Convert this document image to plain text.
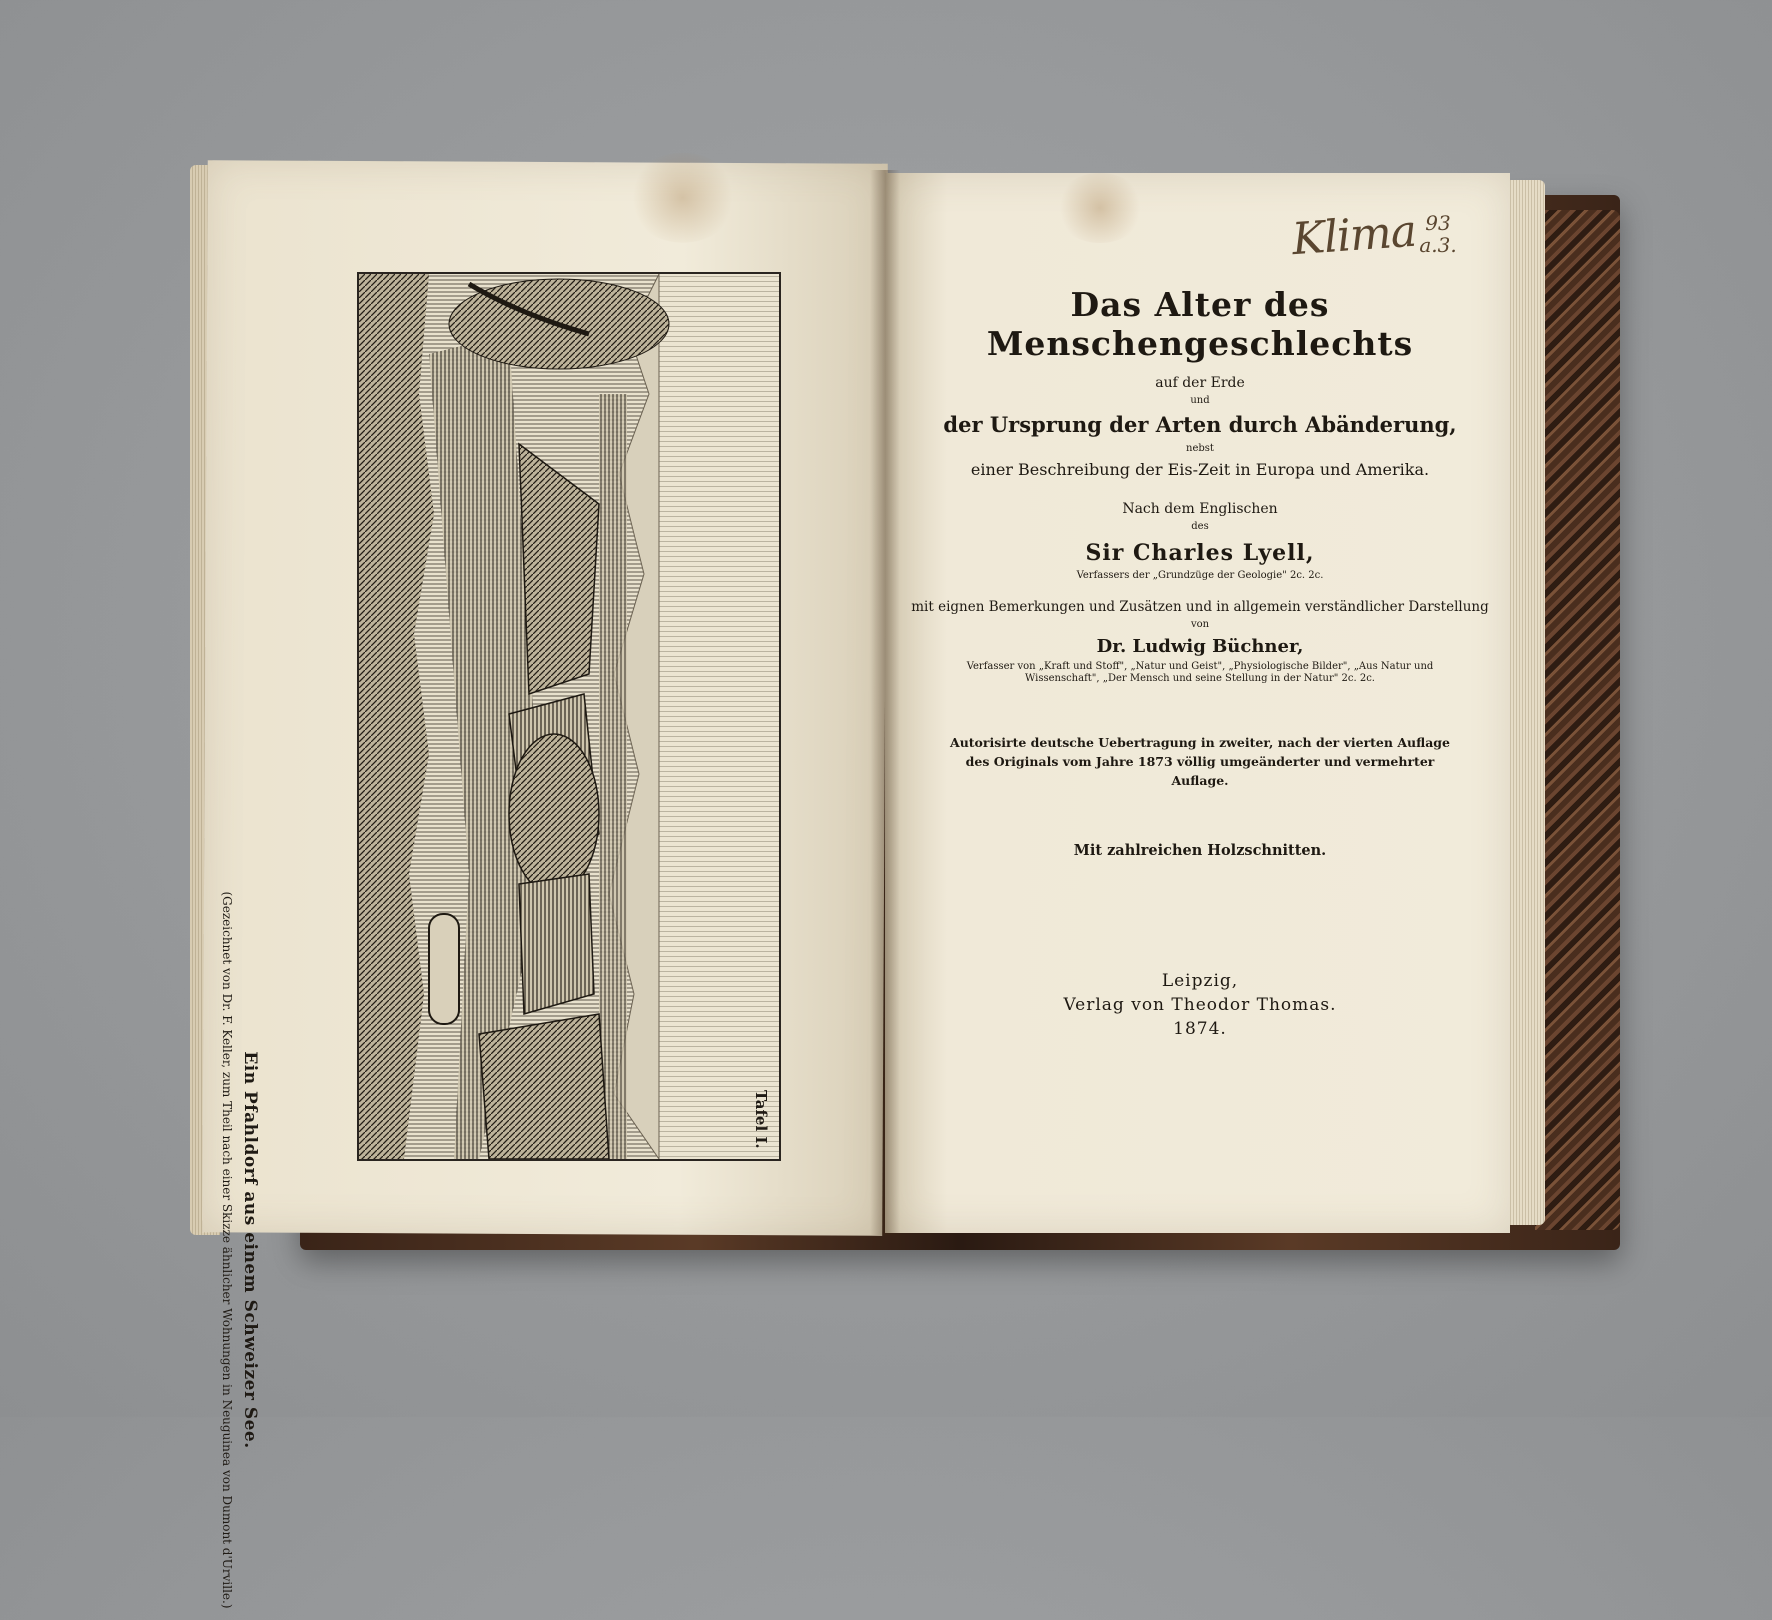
Ein Pfahldorf aus einem Schweizer See.
(Gezeichnet von Dr. F. Keller, zum Theil nach einer Skizze ähnlicher Wohnungen in Neuguinea von Dumont d'Urville.)	Tafel I.
Klima 93
a.3.
Das Alter des Menschengeschlechts
auf der Erde
und
der Ursprung der Arten durch Abänderung,
nebst
einer Beschreibung der Eis-Zeit in Europa und Amerika.
Nach dem Englischen
des
Sir Charles Lyell,
Verfassers der „Grundzüge der Geologie" 2c. 2c.
mit eignen Bemerkungen und Zusätzen und in allgemein verständlicher Darstellung
von
Dr. Ludwig Büchner,
Verfasser von „Kraft und Stoff", „Natur und Geist", „Physiologische Bilder", „Aus Natur und Wissenschaft", „Der Mensch und seine Stellung in der Natur" 2c. 2c.
Autorisirte deutsche Uebertragung in zweiter, nach der vierten Auflage des Originals vom Jahre 1873 völlig umgeänderter und vermehrter Auflage.
Mit zahlreichen Holzschnitten.
Leipzig,
Verlag von Theodor Thomas.
1874.
